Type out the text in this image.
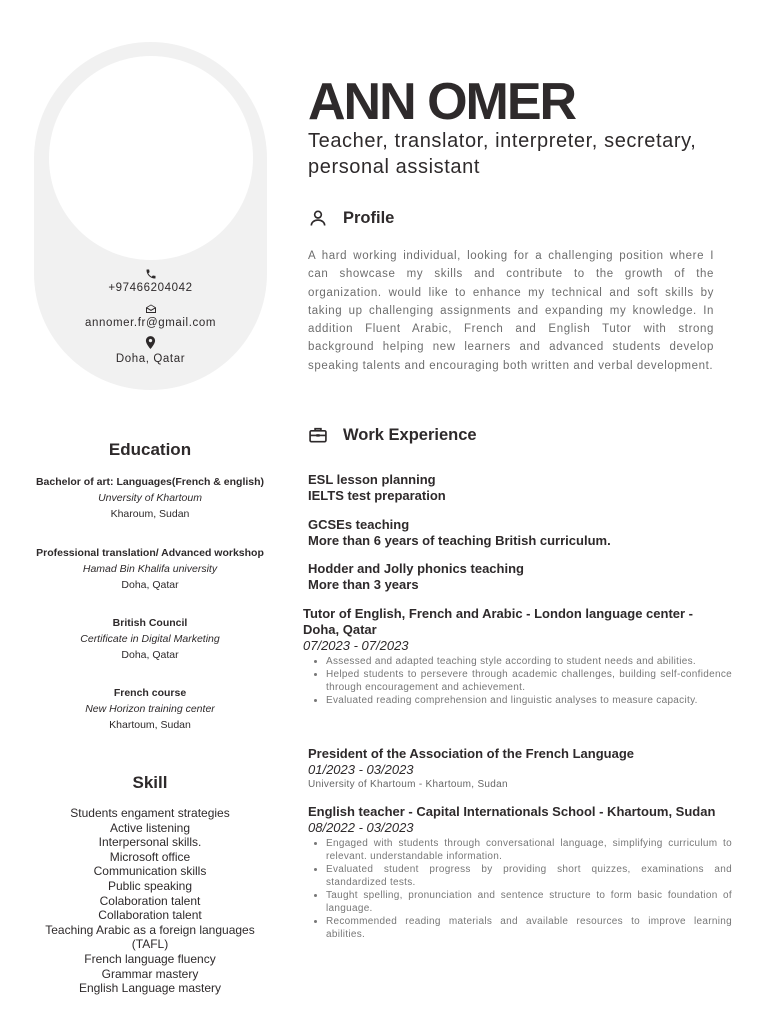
+97466204042
annomer.fr@gmail.com
Doha, Qatar
Education
Bachelor of art: Languages(French & english)
Unversity of Khartoum
Kharoum, Sudan
Professional translation/ Advanced workshop
Hamad Bin Khalifa university
Doha, Qatar
British Council
Certificate in Digital Marketing
Doha, Qatar
French course
New Horizon training center
Khartoum, Sudan
Skill
Students engament strategies
Active listening
Interpersonal skills.
Microsoft office
Communication skills
Public speaking
Colaboration talent
Collaboration talent
Teaching Arabic as a foreign languages (TAFL)
French language fluency
Grammar mastery
English Language mastery
ANN OMER

Teacher, translator, interpreter, secretary, personal assistant

Profile

A hard working individual, looking for a challenging position where I can showcase my skills and contribute to the growth of the organization. would like to enhance my technical and soft skills by taking up challenging assignments and expanding my knowledge. In addition Fluent Arabic, French and English Tutor with strong background helping new learners and advanced students develop speaking talents and encouraging both written and verbal development.

Work Experience
ESL lesson planning
IELTS test preparation
GCSEs teaching
More than 6 years of teaching British curriculum.
Hodder and Jolly phonics teaching
More than 3 years
Tutor of English, French and Arabic - London language center - Doha, Qatar
07/2023 - 07/2023
• Assessed and adapted teaching style according to student needs and abilities.
• Helped students to persevere through academic challenges, building self-confidence through encouragement and achievement.
• Evaluated reading comprehension and linguistic analyses to measure capacity.
President of the Association of the French Language
01/2023 - 03/2023
University of Khartoum - Khartoum, Sudan
English teacher - Capital Internationals School - Khartoum, Sudan
08/2022 - 03/2023
• Engaged with students through conversational language, simplifying curriculum to relevant. understandable information.
• Evaluated student progress by providing short quizzes, examinations and standardized tests.
• Taught spelling, pronunciation and sentence structure to form basic foundation of language.
• Recommended reading materials and available resources to improve learning abilities.
